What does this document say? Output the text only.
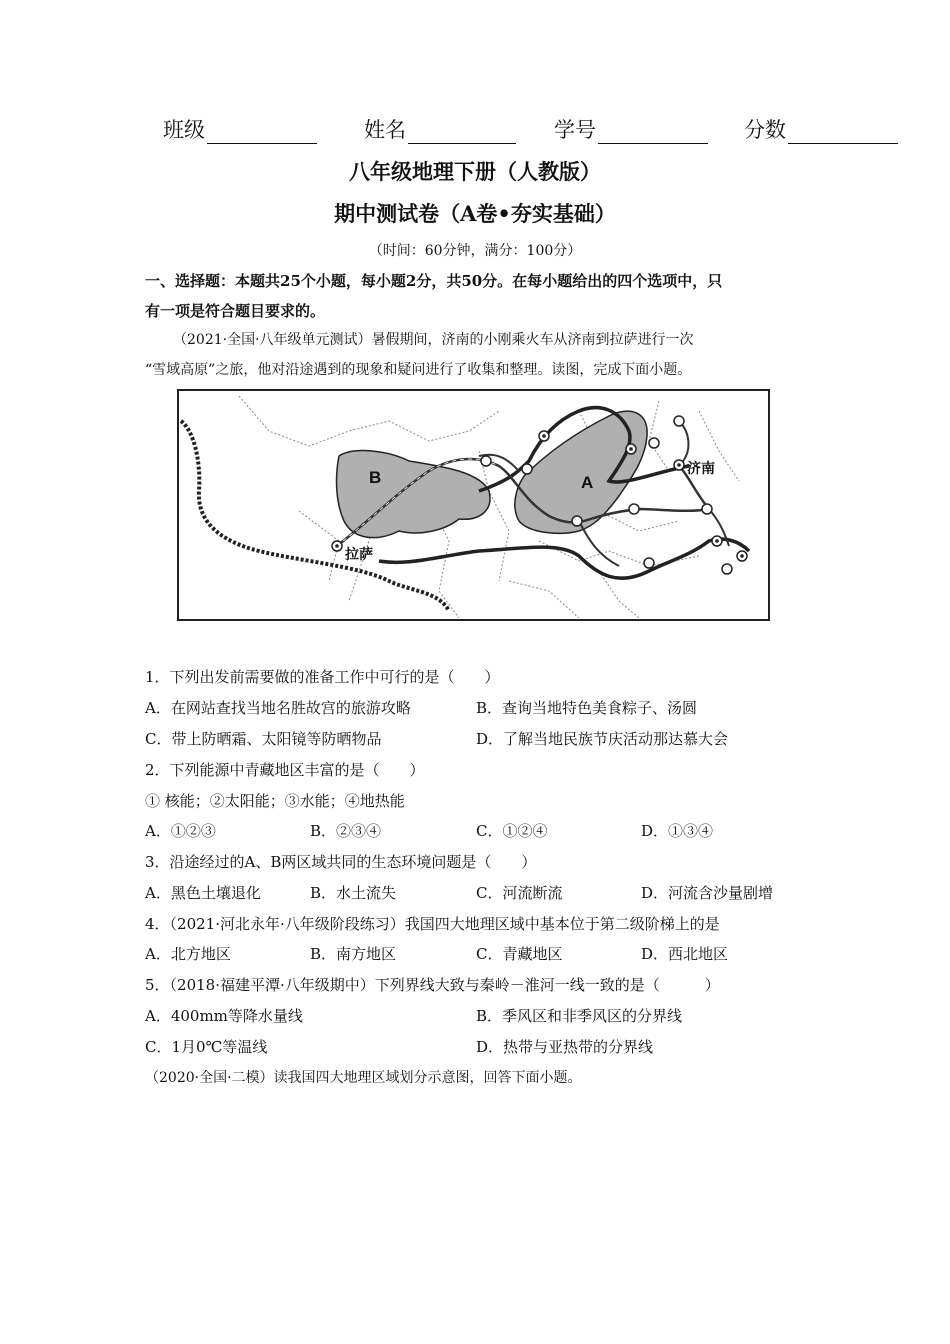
班级	姓名	学号	分数
八年级地理下册（人教版）
期中测试卷（A卷•夯实基础）
（时间：60分钟，满分：100分）
一、选择题：本题共25个小题，每小题2分，共50分。在每小题给出的四个选项中，只
有一项是符合题目要求的。
（2021·全国·八年级单元测试）暑假期间，济南的小刚乘火车从济南到拉萨进行一次
“雪域高原”之旅，他对沿途遇到的现象和疑问进行了收集和整理。读图，完成下面小题。
B	A
拉萨
济南
1．下列出发前需要做的准备工作中可行的是（　　）
A．在网站查找当地名胜故宫的旅游攻略	B．查询当地特色美食粽子、汤圆
C．带上防晒霜、太阳镜等防晒物品	D．了解当地民族节庆活动那达慕大会
2．下列能源中青藏地区丰富的是（　　）
① 核能；②太阳能；③水能；④地热能
A．①②③	B．②③④	C．①②④	D．①③④
3．沿途经过的A、B两区域共同的生态环境问题是（　　）
A．黑色土壤退化	B．水土流失	C．河流断流	D．河流含沙量剧增
4．（2021·河北永年·八年级阶段练习）我国四大地理区域中基本位于第二级阶梯上的是
A．北方地区	B．南方地区	C．青藏地区	D．西北地区
5．（2018·福建平潭·八年级期中）下列界线大致与秦岭－淮河一线一致的是（　　　）
A．400mm等降水量线	B．季风区和非季风区的分界线
C．1月0℃等温线	D．热带与亚热带的分界线
（2020·全国·二模）读我国四大地理区域划分示意图，回答下面小题。
